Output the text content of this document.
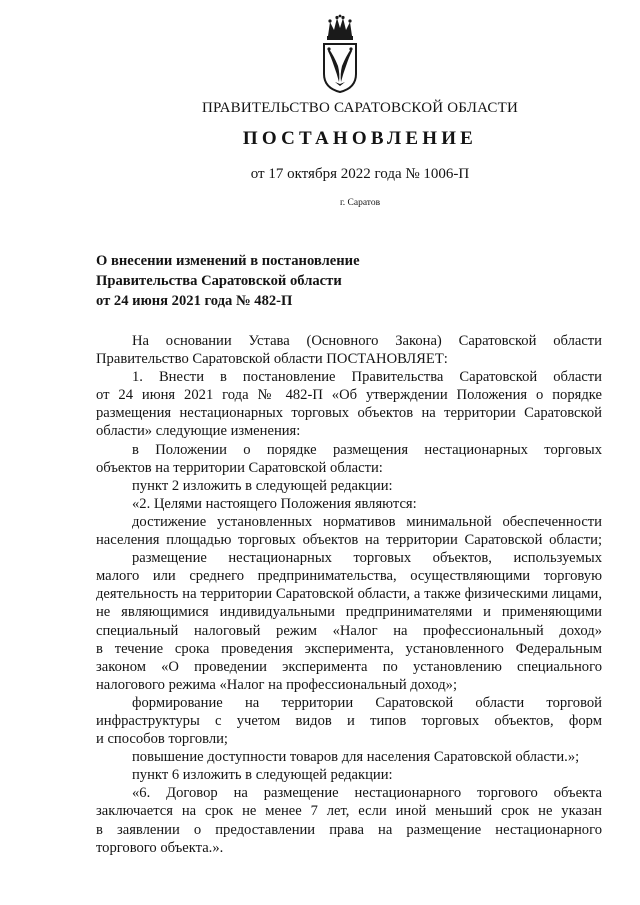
ПРАВИТЕЛЬСТВО САРАТОВСКОЙ ОБЛАСТИ
ПОСТАНОВЛЕНИЕ
от 17 октября 2022 года № 1006-П
г. Саратов
О внесении изменений в постановление
Правительства Саратовской области
от 24 июня 2021 года № 482-П
На основании Устава (Основного Закона) Саратовской области
Правительство Саратовской области ПОСТАНОВЛЯЕТ:
1. Внести в постановление Правительства Саратовской области
от 24 июня 2021 года № 482-П «Об утверждении Положения о порядке
размещения нестационарных торговых объектов на территории Саратовской
области» следующие изменения:
в Положении о порядке размещения нестационарных торговых
объектов на территории Саратовской области:
пункт 2 изложить в следующей редакции:
«2. Целями настоящего Положения являются:
достижение установленных нормативов минимальной обеспеченности
населения площадью торговых объектов на территории Саратовской области;
размещение нестационарных торговых объектов, используемых
малого или среднего предпринимательства, осуществляющими торговую
деятельность на территории Саратовской области, а также физическими лицами,
не являющимися индивидуальными предпринимателями и применяющими
специальный налоговый режим «Налог на профессиональный доход»
в течение срока проведения эксперимента, установленного Федеральным
законом «О проведении эксперимента по установлению специального
налогового режима «Налог на профессиональный доход»;
формирование на территории Саратовской области торговой
инфраструктуры с учетом видов и типов торговых объектов, форм
и способов торговли;
повышение доступности товаров для населения Саратовской области.»;
пункт 6 изложить в следующей редакции:
«6. Договор на размещение нестационарного торгового объекта
заключается на срок не менее 7 лет, если иной меньший срок не указан
в заявлении о предоставлении права на размещение нестационарного
торгового объекта.».
